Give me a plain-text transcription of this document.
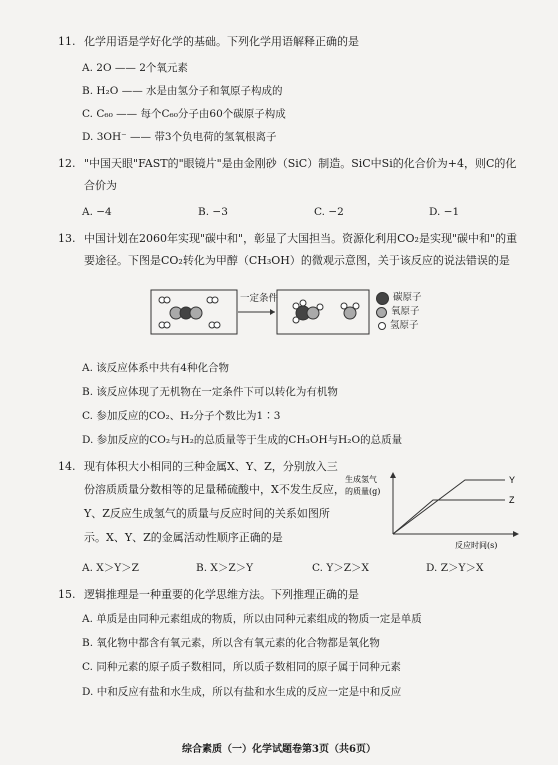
11. 化学用语是学好化学的基础。下列化学用语解释正确的是
A. 2O —— 2个氧元素
B. H₂O —— 水是由氢分子和氧原子构成的
C. C₆₀ —— 每个C₆₀分子由60个碳原子构成
D. 3OH⁻ —— 带3个负电荷的氢氧根离子
12. "中国天眼"FAST的"眼镜片"是由金刚砂（SiC）制造。SiC中Si的化合价为+4，则C的化
合价为
A. −4	B. −3	C. −2	D. −1
13. 中国计划在2060年实现"碳中和"，彰显了大国担当。资源化利用CO₂是实现"碳中和"的重
要途径。下图是CO₂转化为甲醇（CH₃OH）的微观示意图，关于该反应的说法错误的是
一定条件	碳原子
氧原子
氢原子
A. 该反应体系中共有4种化合物
B. 该反应体现了无机物在一定条件下可以转化为有机物
C. 参加反应的CO₂、H₂分子个数比为1∶3
D. 参加反应的CO₂与H₂的总质量等于生成的CH₃OH与H₂O的总质量
14. 现有体积大小相同的三种金属X、Y、Z，分别放入三
份溶质质量分数相等的足量稀硫酸中，X不发生反应，
Y、Z反应生成氢气的质量与反应时间的关系如图所
示。X、Y、Z的金属活动性顺序正确的是
Y
Z
生成氢气
的质量(g)
反应时间(s)
A. X＞Y＞Z	B. X＞Z＞Y	C. Y＞Z＞X	D. Z＞Y＞X
15. 逻辑推理是一种重要的化学思维方法。下列推理正确的是
A. 单质是由同种元素组成的物质，所以由同种元素组成的物质一定是单质
B. 氧化物中都含有氧元素，所以含有氧元素的化合物都是氧化物
C. 同种元素的原子质子数相同，所以质子数相同的原子属于同种元素
D. 中和反应有盐和水生成，所以有盐和水生成的反应一定是中和反应
综合素质（一）化学试题卷第3页（共6页）
